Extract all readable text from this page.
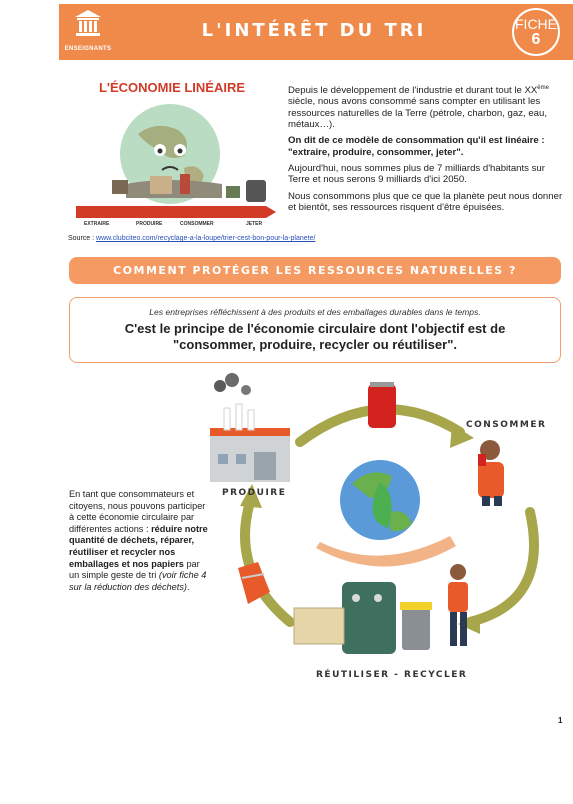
ENSEIGNANTS
L'INTÉRÊT DU TRI	FICHE
6
L'ÉCONOMIE LINÉAIRE
EXTRAIRE	PRODUIRE	CONSOMMER	JETER

Depuis le développement de l'industrie et durant tout le XXème siècle, nous avons consommé sans compter en utilisant les ressources naturelles de la Terre (pétrole, charbon, gaz, eau, métaux…).

On dit de ce modèle de consommation qu'il est linéaire : "extraire, produire, consommer, jeter".

Aujourd'hui, nous sommes plus de 7 milliards d'habitants sur Terre et nous serons 9 milliards d'ici 2050.

Nous consommons plus que ce que la planète peut nous donner et bientôt, ses ressources risquent d'être épuisées.

Source : www.clubciteo.com/recyclage-a-la-loupe/trier-cest-bon-pour-la-planete/
COMMENT PROTÉGER LES RESSOURCES NATURELLES ?
Les entreprises réfléchissent à des produits et des emballages durables dans le temps.
C'est le principe de l'économie circulaire dont l'objectif est de
"consommer, produire, recycler ou réutiliser".
CONSOMMER
PRODUIRE
RÉUTILISER - RECYCLER
En tant que consommateurs et citoyens, nous pouvons participer à cette économie circulaire par différentes actions : réduire notre quantité de déchets, réparer, réutiliser et recycler nos emballages et nos papiers par un simple geste de tri (voir fiche 4 sur la réduction des déchets).
1
